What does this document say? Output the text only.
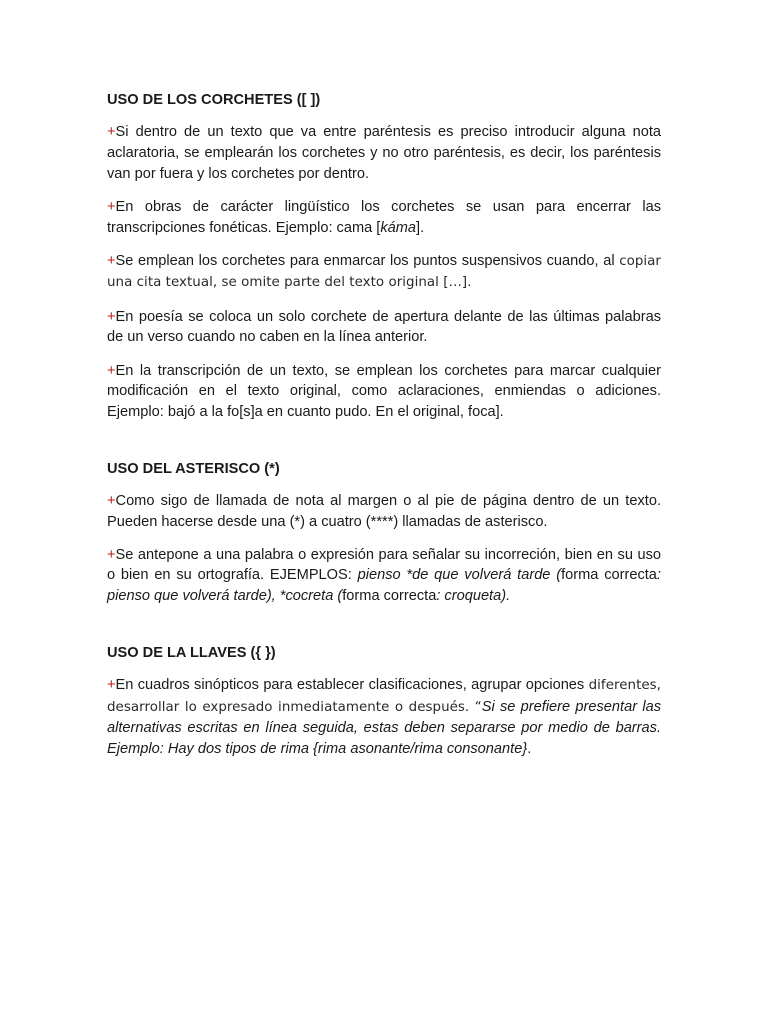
USO DE LOS CORCHETES ([ ])

+Si dentro de un texto que va entre paréntesis es preciso introducir alguna nota aclaratoria, se emplearán los corchetes y no otro paréntesis, es decir, los paréntesis van por fuera y los corchetes por dentro.

+En obras de carácter lingüístico los corchetes se usan para encerrar las transcripciones fonéticas. Ejemplo: cama [káma].

+Se emplean los corchetes para enmarcar los puntos suspensivos cuando, al copiar una cita textual, se omite parte del texto original […].

+En poesía se coloca un solo corchete de apertura delante de las últimas palabras de un verso cuando no caben en la línea anterior.

+En la transcripción de un texto, se emplean los corchetes para marcar cualquier modificación en el texto original, como aclaraciones, enmiendas o adiciones. Ejemplo: bajó a la fo[s]a en cuanto pudo. En el original, foca].

USO DEL ASTERISCO (*)

+Como sigo de llamada de nota al margen o al pie de página dentro de un texto. Pueden hacerse desde una (*) a cuatro (****) llamadas de asterisco.

+Se antepone a una palabra o expresión para señalar su incorreción, bien en su uso o bien en su ortografía. EJEMPLOS: pienso *de que volverá tarde (forma correcta: pienso que volverá tarde), *cocreta (forma correcta: croqueta).

USO DE LA LLAVES ({ })

+En cuadros sinópticos para establecer clasificaciones, agrupar opciones diferentes, desarrollar lo expresado inmediatamente o después. “Si se prefiere presentar las alternativas escritas en línea seguida, estas deben separarse por medio de barras. Ejemplo: Hay dos tipos de rima {rima asonante/rima consonante}.
